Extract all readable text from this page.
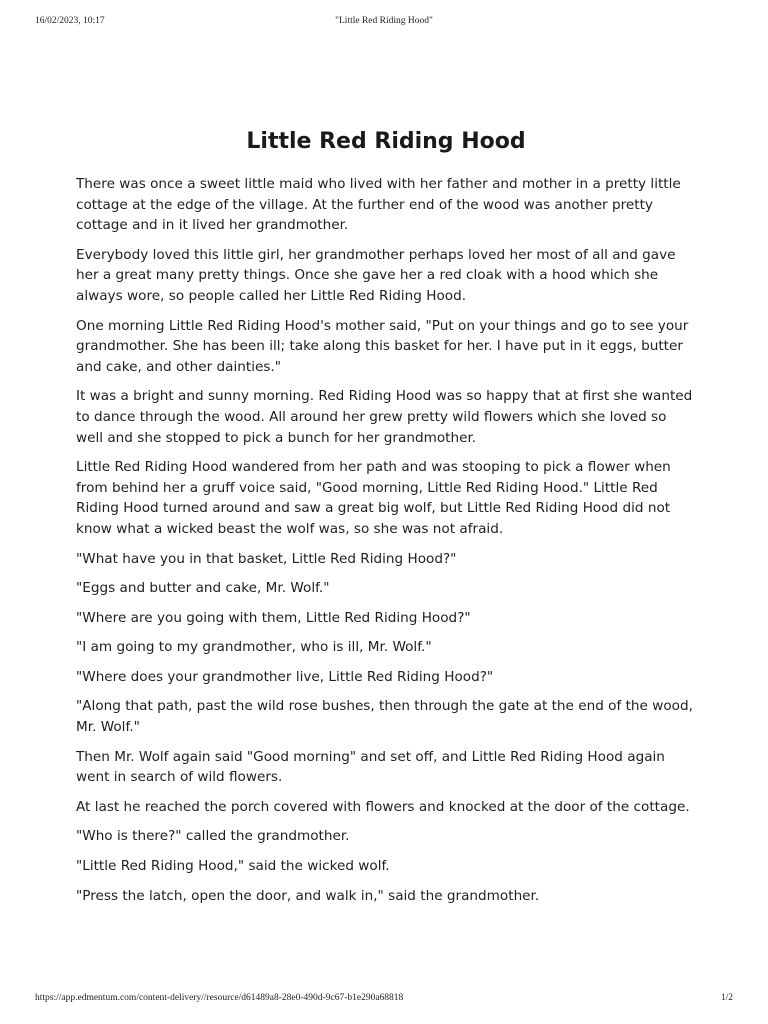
16/02/2023, 10:17	"Little Red Riding Hood"
Little Red Riding Hood

There was once a sweet little maid who lived with her father and mother in a pretty little cottage at the edge of the village. At the further end of the wood was another pretty cottage and in it lived her grandmother.

Everybody loved this little girl, her grandmother perhaps loved her most of all and gave her a great many pretty things. Once she gave her a red cloak with a hood which she always wore, so people called her Little Red Riding Hood.

One morning Little Red Riding Hood's mother said, "Put on your things and go to see your grandmother. She has been ill; take along this basket for her. I have put in it eggs, butter and cake, and other dainties."

It was a bright and sunny morning. Red Riding Hood was so happy that at first she wanted to dance through the wood. All around her grew pretty wild flowers which she loved so well and she stopped to pick a bunch for her grandmother.

Little Red Riding Hood wandered from her path and was stooping to pick a flower when from behind her a gruff voice said, "Good morning, Little Red Riding Hood." Little Red Riding Hood turned around and saw a great big wolf, but Little Red Riding Hood did not know what a wicked beast the wolf was, so she was not afraid.

"What have you in that basket, Little Red Riding Hood?"

"Eggs and butter and cake, Mr. Wolf."

"Where are you going with them, Little Red Riding Hood?"

"I am going to my grandmother, who is ill, Mr. Wolf."

"Where does your grandmother live, Little Red Riding Hood?"

"Along that path, past the wild rose bushes, then through the gate at the end of the wood, Mr. Wolf."

Then Mr. Wolf again said "Good morning" and set off, and Little Red Riding Hood again went in search of wild flowers.

At last he reached the porch covered with flowers and knocked at the door of the cottage.

"Who is there?" called the grandmother.

"Little Red Riding Hood," said the wicked wolf.

"Press the latch, open the door, and walk in," said the grandmother.

https://app.edmentum.com/content-delivery//resource/d61489a8-28e0-490d-9c67-b1e290a68818	1/2
